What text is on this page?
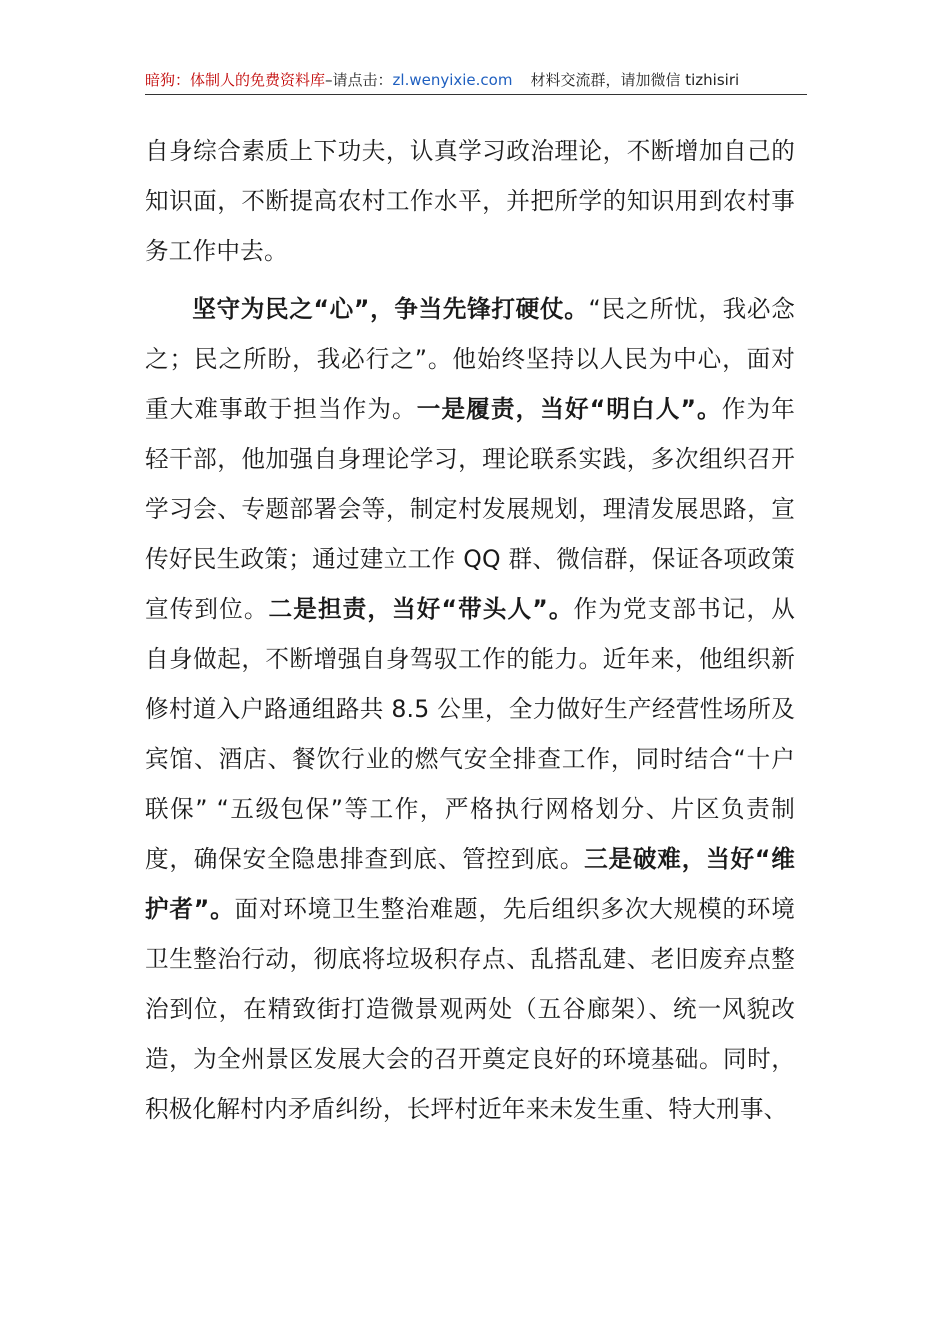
暗狗：体制人的免费资料库–请点击：zl.wenyixie.com 材料交流群，请加微信 tizhisiri

自身综合素质上下功夫，认真学习政治理论，不断增加自己的知识面，不断提高农村工作水平，并把所学的知识用到农村事务工作中去。

坚守为民之“心”，争当先锋打硬仗。“民之所忧，我必念之；民之所盼，我必行之”。他始终坚持以人民为中心，面对重大难事敢于担当作为。一是履责，当好“明白人”。作为年轻干部，他加强自身理论学习，理论联系实践，多次组织召开学习会、专题部署会等，制定村发展规划，理清发展思路，宣传好民生政策；通过建立工作 QQ 群、微信群，保证各项政策宣传到位。二是担责，当好“带头人”。作为党支部书记，从自身做起，不断增强自身驾驭工作的能力。近年来，他组织新修村道入户路通组路共 8.5 公里，全力做好生产经营性场所及宾馆、酒店、餐饮行业的燃气安全排查工作，同时结合“十户联保” “五级包保”等工作，严格执行网格划分、片区负责制度，确保安全隐患排查到底、管控到底。三是破难，当好“维护者”。面对环境卫生整治难题，先后组织多次大规模的环境卫生整治行动，彻底将垃圾积存点、乱搭乱建、老旧废弃点整治到位，在精致街打造微景观两处（五谷廊架）、统一风貌改造，为全州景区发展大会的召开奠定良好的环境基础。同时，积极化解村内矛盾纠纷，长坪村近年来未发生重、特大刑事、
